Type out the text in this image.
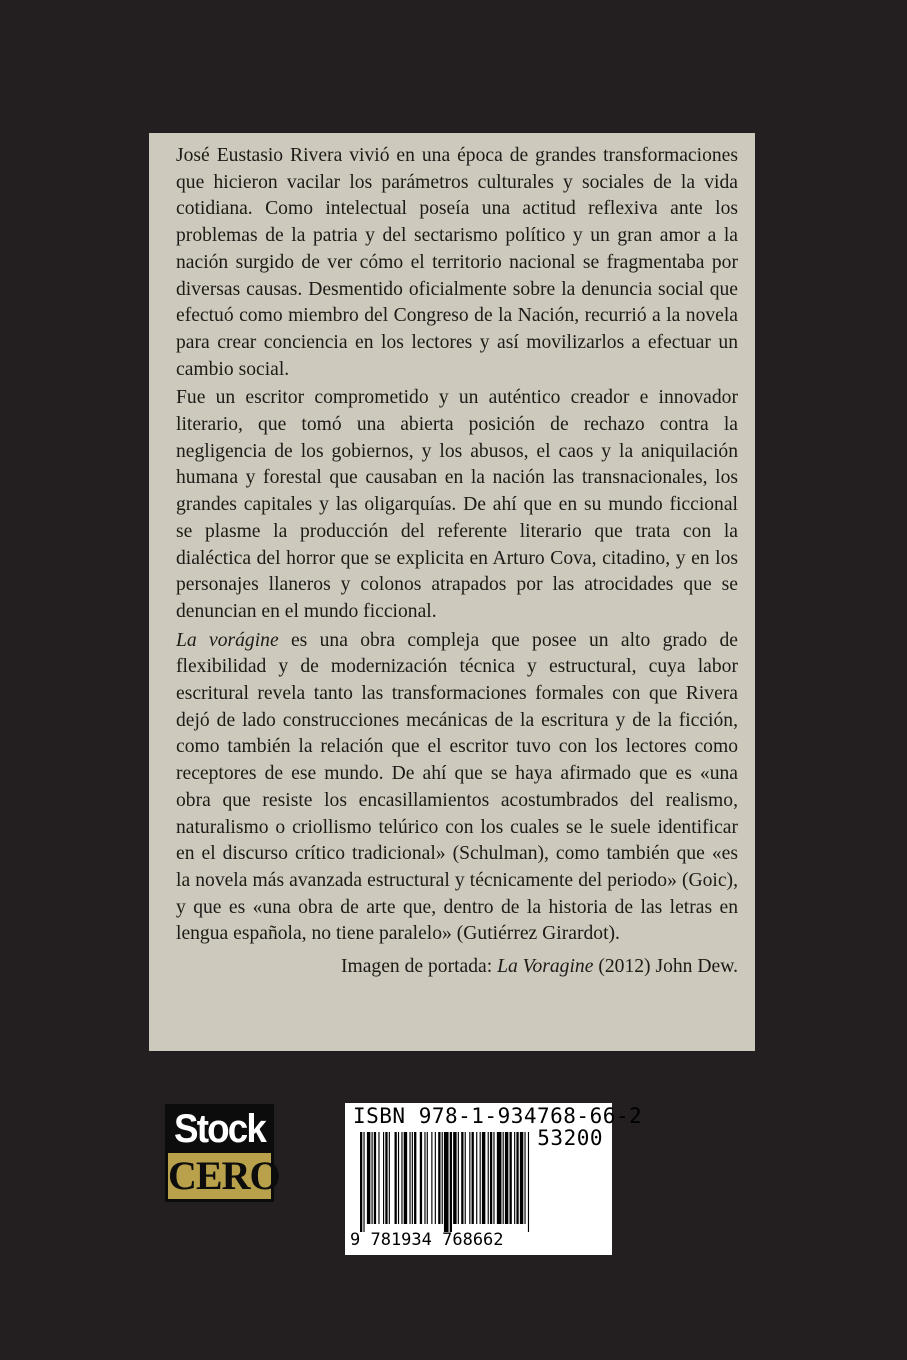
José Eustasio Rivera vivió en una época de grandes transformaciones que hicieron vacilar los parámetros culturales y sociales de la vida cotidiana. Como intelectual poseía una actitud reflexiva ante los problemas de la patria y del sectarismo político y un gran amor a la nación surgido de ver cómo el territorio nacional se fragmentaba por diversas causas. Desmentido oficialmente sobre la denuncia social que efectuó como miembro del Congreso de la Nación, recurrió a la novela para crear conciencia en los lectores y así movilizarlos a efectuar un cambio social.

Fue un escritor comprometido y un auténtico creador e innovador literario, que tomó una abierta posición de rechazo contra la negligencia de los gobiernos, y los abusos, el caos y la aniquilación humana y forestal que causaban en la nación las transnacionales, los grandes capitales y las oligarquías. De ahí que en su mundo ficcional se plasme la producción del referente literario que trata con la dialéctica del horror que se explicita en Arturo Cova, citadino, y en los personajes llaneros y colonos atrapados por las atrocidades que se denuncian en el mundo ficcional.

La vorágine es una obra compleja que posee un alto grado de flexibilidad y de modernización técnica y estructural, cuya labor escritural revela tanto las transformaciones formales con que Rivera dejó de lado construcciones mecánicas de la escritura y de la ficción, como también la relación que el escritor tuvo con los lectores como receptores de ese mundo. De ahí que se haya afirmado que es «una obra que resiste los encasillamientos acostumbrados del realismo, naturalismo o criollismo telúrico con los cuales se le suele identificar en el discurso crítico tradicional» (Schulman), como también que «es la novela más avanzada estructural y técnicamente del periodo» (Goic), y que es «una obra de arte que, dentro de la historia de las letras en lengua española, no tiene paralelo» (Gutiérrez Girardot).

Imagen de portada: La Voragine (2012) John Dew.

Stock
CERO
ISBN 978-1-934768-66-2
53200
9 781934 768662
